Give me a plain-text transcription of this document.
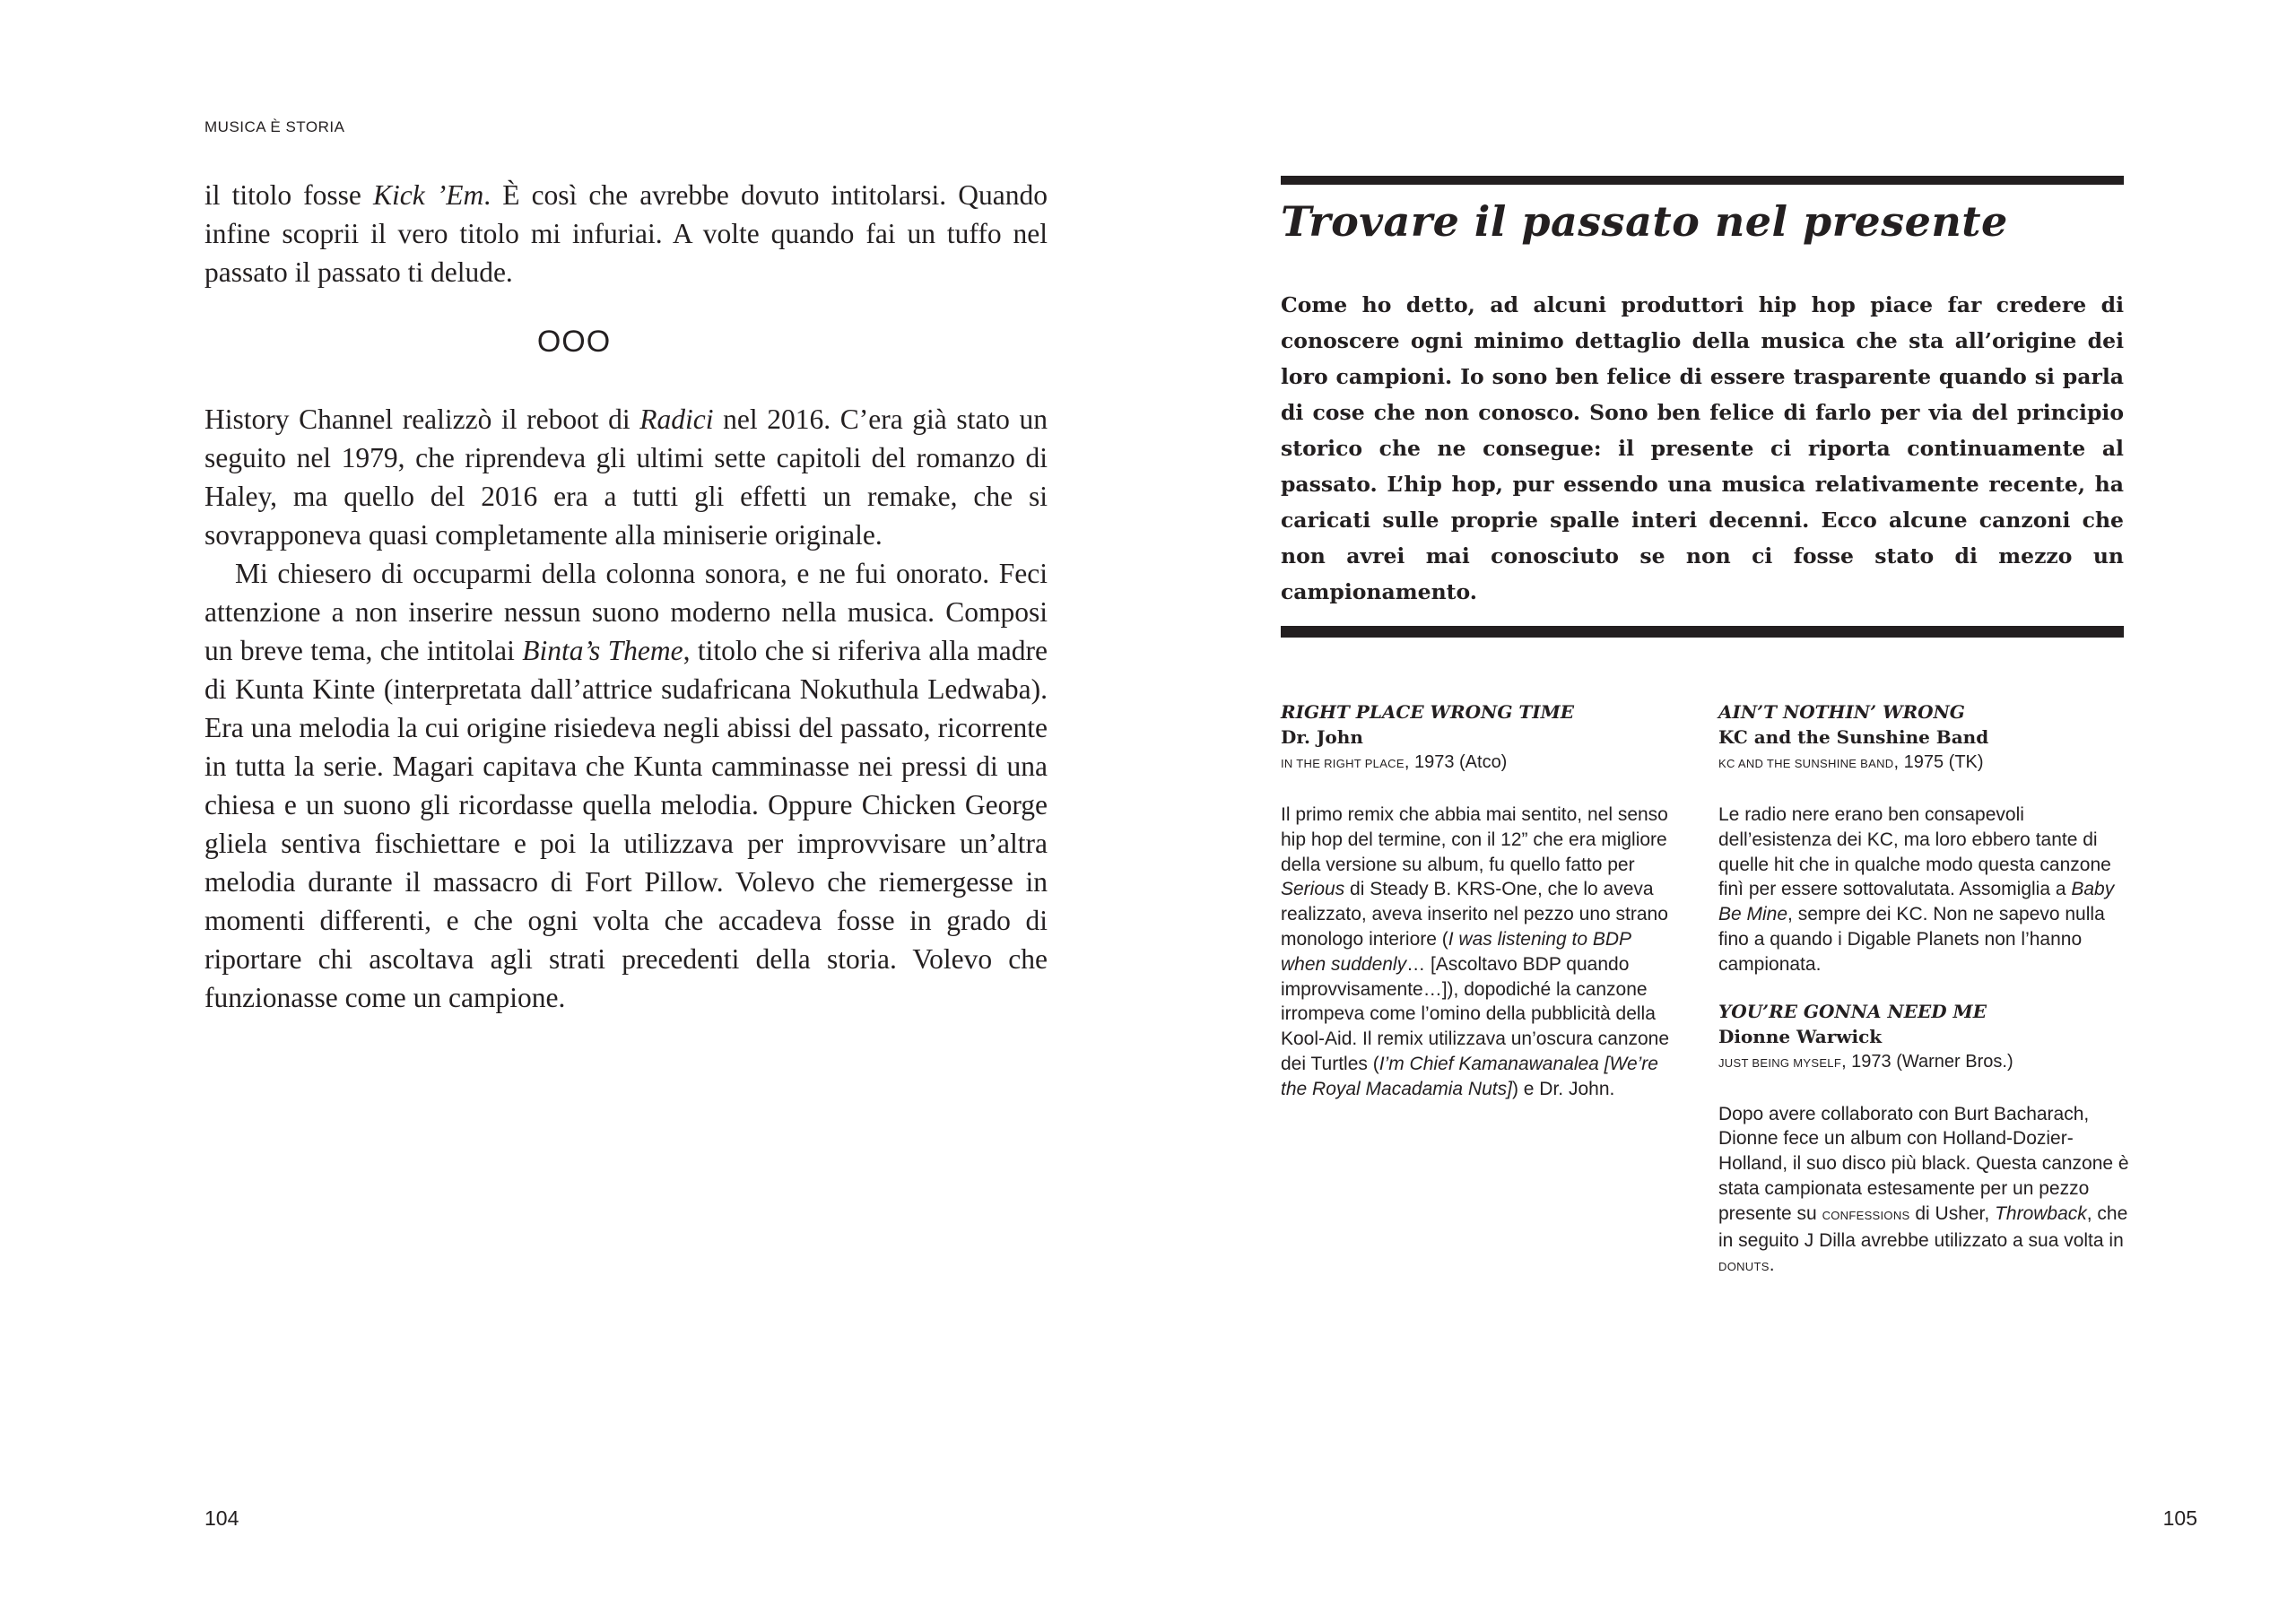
MUSICA È STORIA

il titolo fosse Kick ’Em. È così che avrebbe dovuto intitolarsi. Quando infine scoprii il vero titolo mi infuriai. A volte quando fai un tuffo nel passato il passato ti delude.

OOO

History Channel realizzò il reboot di Radici nel 2016. C’era già stato un seguito nel 1979, che riprendeva gli ultimi sette capitoli del romanzo di Haley, ma quello del 2016 era a tutti gli effetti un remake, che si sovrapponeva quasi completamente alla miniserie originale.

Mi chiesero di occuparmi della colonna sonora, e ne fui onorato. Feci attenzione a non inserire nessun suono moderno nella musica. Composi un breve tema, che intitolai Binta’s Theme, titolo che si riferiva alla madre di Kunta Kinte (interpretata dall’attrice sudafricana Nokuthula Ledwaba). Era una melodia la cui origine risiedeva negli abissi del passato, ricorrente in tutta la serie. Magari capitava che Kunta camminasse nei pressi di una chiesa e un suono gli ricordasse quella melodia. Oppure Chicken George gliela sentiva fischiettare e poi la utilizzava per improvvisare un’altra melodia durante il massacro di Fort Pillow. Volevo che riemergesse in momenti differenti, e che ogni volta che accadeva fosse in grado di riportare chi ascoltava agli strati precedenti della storia. Volevo che funzionasse come un campione.

104
Trovare il passato nel presente

Come ho detto, ad alcuni produttori hip hop piace far credere di conoscere ogni minimo dettaglio della musica che sta all’origine dei loro campioni. Io sono ben felice di essere trasparente quando si parla di cose che non conosco. Sono ben felice di farlo per via del principio storico che ne consegue: il presente ci riporta continuamente al passato. L’hip hop, pur essendo una musica relativamente recente, ha caricati sulle proprie spalle interi decenni. Ecco alcune canzoni che non avrei mai conosciuto se non ci fosse stato di mezzo un campionamento.

RIGHT PLACE WRONG TIME
Dr. John
IN THE RIGHT PLACE, 1973 (Atco)

Il primo remix che abbia mai sentito, nel senso hip hop del termine, con il 12” che era migliore della versione su album, fu quello fatto per Serious di Steady B. KRS-One, che lo aveva realizzato, aveva inserito nel pezzo uno strano monologo interiore (I was listening to BDP when suddenly… [Ascoltavo BDP quando improvvisamente…]), dopodiché la canzone irrompeva come l’omino della pubblicità della Kool-Aid. Il remix utilizzava un’oscura canzone dei Turtles (I’m Chief Kamanawanalea [We’re the Royal Macadamia Nuts]) e Dr. John.

AIN’T NOTHIN’ WRONG
KC and the Sunshine Band
KC AND THE SUNSHINE BAND, 1975 (TK)

Le radio nere erano ben consapevoli dell’esistenza dei KC, ma loro ebbero tante di quelle hit che in qualche modo questa canzone finì per essere sottovalutata. Assomiglia a Baby Be Mine, sempre dei KC. Non ne sapevo nulla fino a quando i Digable Planets non l’hanno campionata.

YOU’RE GONNA NEED ME
Dionne Warwick
JUST BEING MYSELF, 1973 (Warner Bros.)

Dopo avere collaborato con Burt Bacharach, Dionne fece un album con Holland-Dozier-Holland, il suo disco più black. Questa canzone è stata campionata estesamente per un pezzo presente su CONFESSIONS di Usher, Throwback, che in seguito J Dilla avrebbe utilizzato a sua volta in DONUTS.

105
